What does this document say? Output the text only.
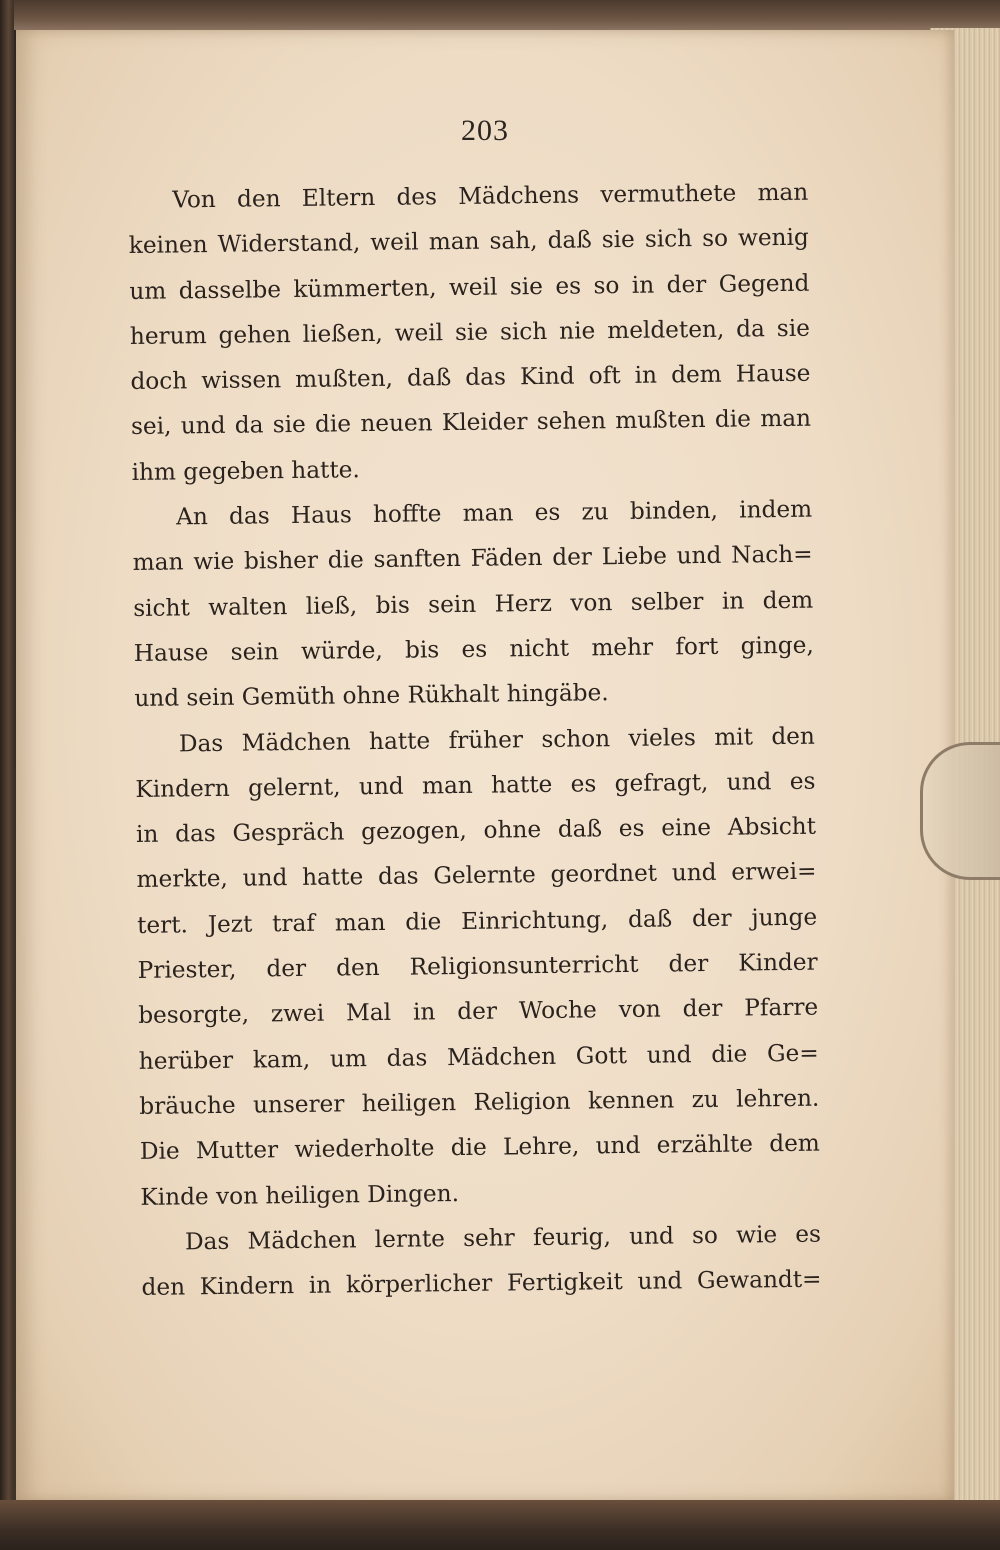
203

Von den Eltern des Mädchens vermuthete man
keinen Widerstand, weil man sah, daß sie sich so wenig
um dasselbe kümmerten, weil sie es so in der Gegend
herum gehen ließen, weil sie sich nie meldeten, da sie
doch wissen mußten, daß das Kind oft in dem Hause
sei, und da sie die neuen Kleider sehen mußten die man
ihm gegeben hatte.

An das Haus hoffte man es zu binden, indem
man wie bisher die sanften Fäden der Liebe und Nach=
sicht walten ließ, bis sein Herz von selber in dem
Hause sein würde, bis es nicht mehr fort ginge,
und sein Gemüth ohne Rükhalt hingäbe.

Das Mädchen hatte früher schon vieles mit den
Kindern gelernt, und man hatte es gefragt, und es
in das Gespräch gezogen, ohne daß es eine Absicht
merkte, und hatte das Gelernte geordnet und erwei=
tert. Jezt traf man die Einrichtung, daß der junge
Priester, der den Religionsunterricht der Kinder
besorgte, zwei Mal in der Woche von der Pfarre
herüber kam, um das Mädchen Gott und die Ge=
bräuche unserer heiligen Religion kennen zu lehren.
Die Mutter wiederholte die Lehre, und erzählte dem
Kinde von heiligen Dingen.

Das Mädchen lernte sehr feurig, und so wie es
den Kindern in körperlicher Fertigkeit und Gewandt=
